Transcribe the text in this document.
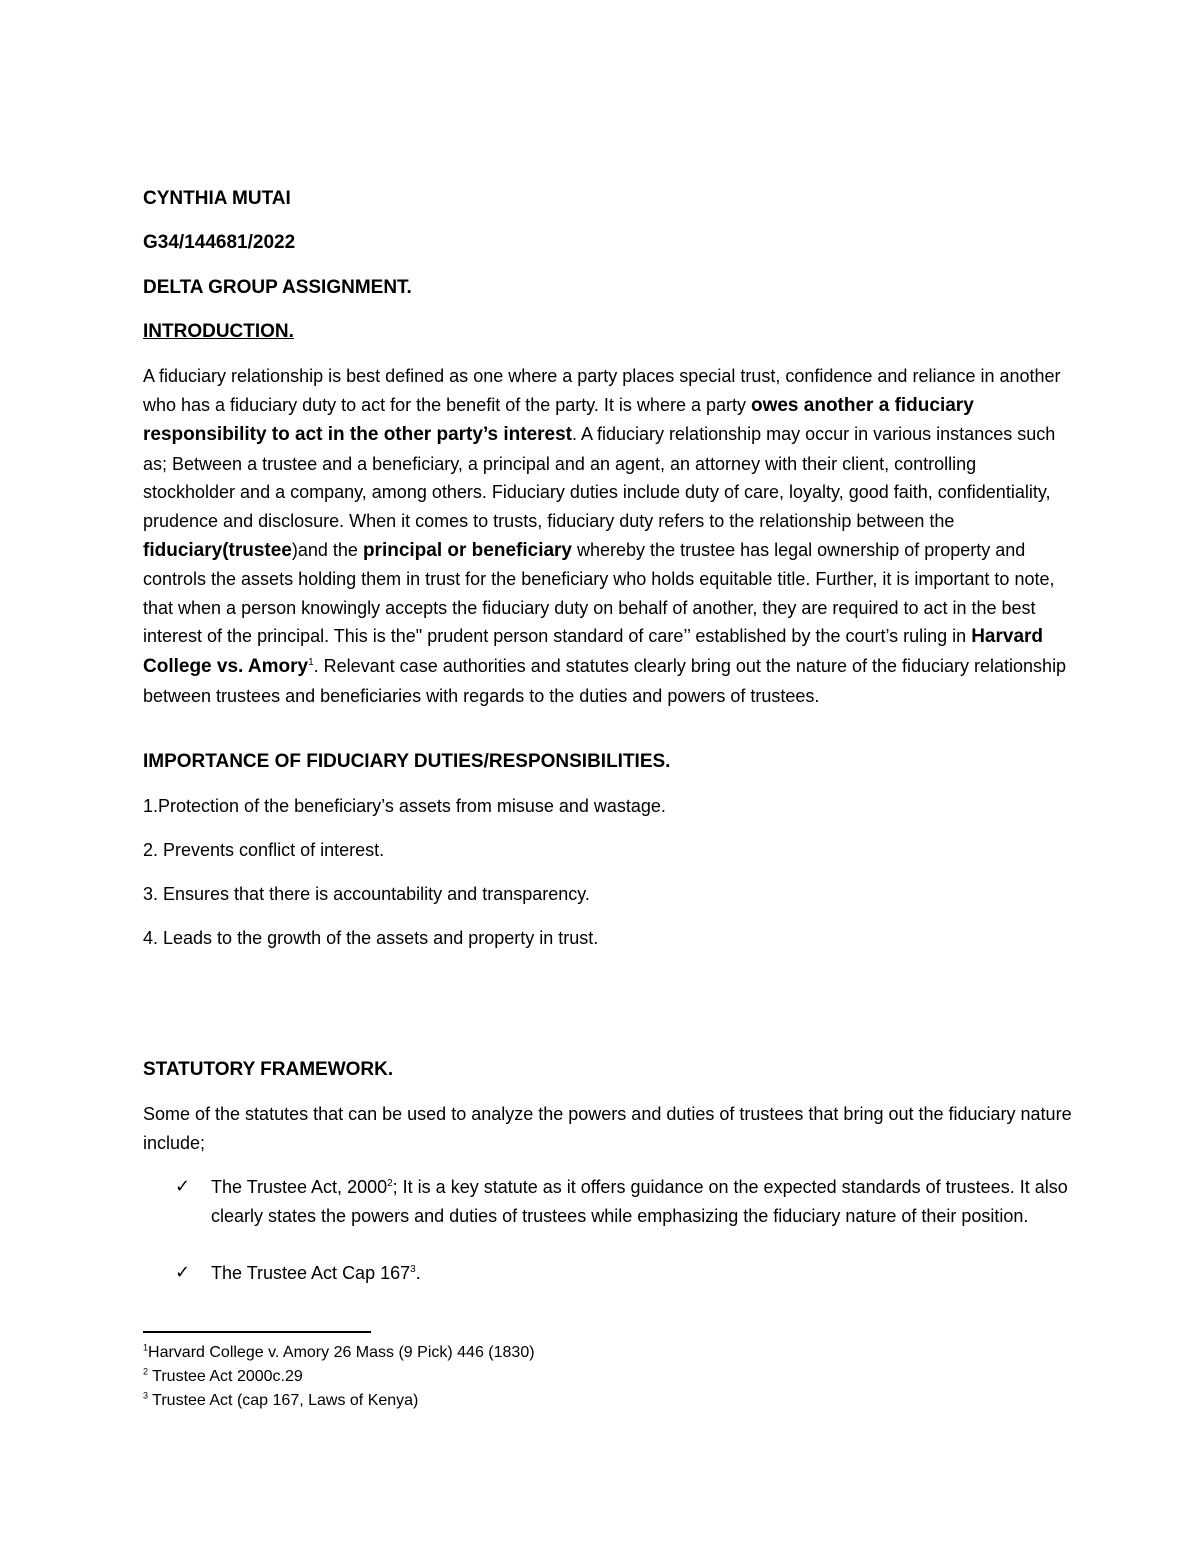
CYNTHIA MUTAI
G34/144681/2022
DELTA GROUP ASSIGNMENT.
INTRODUCTION.
A fiduciary relationship is best defined as one where a party places special trust, confidence and reliance in another who has a fiduciary duty to act for the benefit of the party. It is where a party owes another a fiduciary responsibility to act in the other party’s interest. A fiduciary relationship may occur in various instances such as; Between a trustee and a beneficiary, a principal and an agent, an attorney with their client, controlling stockholder and a company, among others. Fiduciary duties include duty of care, loyalty, good faith, confidentiality, prudence and disclosure. When it comes to trusts, fiduciary duty refers to the relationship between the fiduciary(trustee)and the principal or beneficiary whereby the trustee has legal ownership of property and controls the assets holding them in trust for the beneficiary who holds equitable title. Further, it is important to note, that when a person knowingly accepts the fiduciary duty on behalf of another, they are required to act in the best interest of the principal. This is the" prudent person standard of care’’ established by the court’s ruling in Harvard College vs. Amory$^1$. Relevant case authorities and statutes clearly bring out the nature of the fiduciary relationship between trustees and beneficiaries with regards to the duties and powers of trustees.
IMPORTANCE OF FIDUCIARY DUTIES/RESPONSIBILITIES.
1.Protection of the beneficiary’s assets from misuse and wastage.
2. Prevents conflict of interest.
3. Ensures that there is accountability and transparency.
4. Leads to the growth of the assets and property in trust.
STATUTORY FRAMEWORK.
Some of the statutes that can be used to analyze the powers and duties of trustees that bring out the fiduciary nature include;
✓ The Trustee Act, 2000$^2$; It is a key statute as it offers guidance on the expected standards of trustees. It also clearly states the powers and duties of trustees while emphasizing the fiduciary nature of their position.
✓ The Trustee Act Cap $167^3$.
$^1$Harvard College v. Amory 26 Mass (9 Pick) 446 (1830)
$^2$ Trustee Act 2000c.29
$^3$ Trustee Act (cap 167, Laws of Kenya)
